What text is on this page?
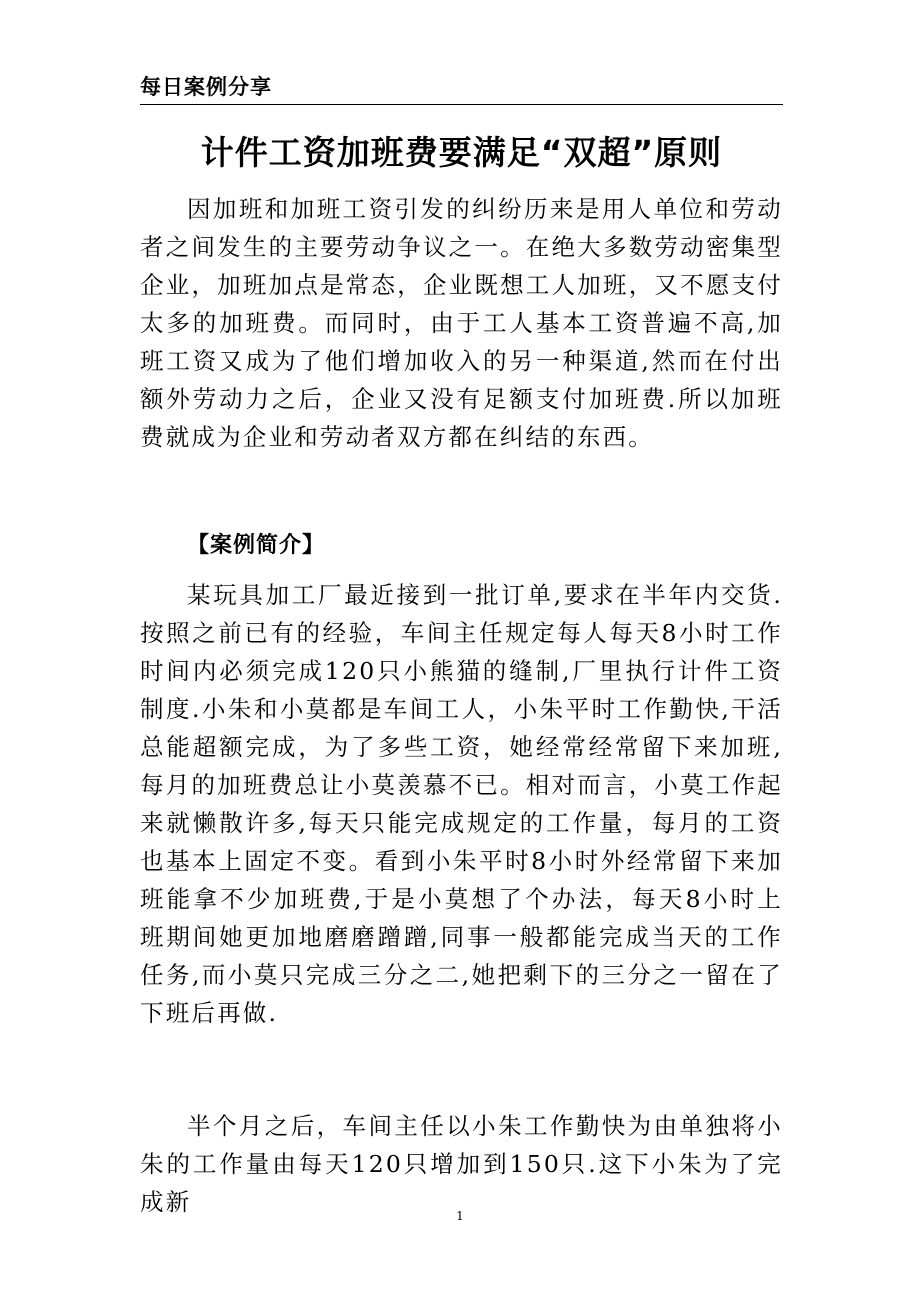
每日案例分享
计件工资加班费要满足“双超”原则

因加班和加班工资引发的纠纷历来是用人单位和劳动者之间发生的主要劳动争议之一。在绝大多数劳动密集型企业，加班加点是常态，企业既想工人加班，又不愿支付太多的加班费。而同时，由于工人基本工资普遍不高,加班工资又成为了他们增加收入的另一种渠道,然而在付出额外劳动力之后，企业又没有足额支付加班费.所以加班费就成为企业和劳动者双方都在纠结的东西。

【案例简介】

某玩具加工厂最近接到一批订单,要求在半年内交货.按照之前已有的经验，车间主任规定每人每天8小时工作时间内必须完成120只小熊猫的缝制,厂里执行计件工资制度.小朱和小莫都是车间工人，小朱平时工作勤快,干活总能超额完成，为了多些工资，她经常经常留下来加班,每月的加班费总让小莫羡慕不已。相对而言，小莫工作起来就懒散许多,每天只能完成规定的工作量，每月的工资也基本上固定不变。看到小朱平时8小时外经常留下来加班能拿不少加班费,于是小莫想了个办法，每天8小时上班期间她更加地磨磨蹭蹭,同事一般都能完成当天的工作任务,而小莫只完成三分之二,她把剩下的三分之一留在了下班后再做.

半个月之后，车间主任以小朱工作勤快为由单独将小朱的工作量由每天120只增加到150只.这下小朱为了完成新	1
